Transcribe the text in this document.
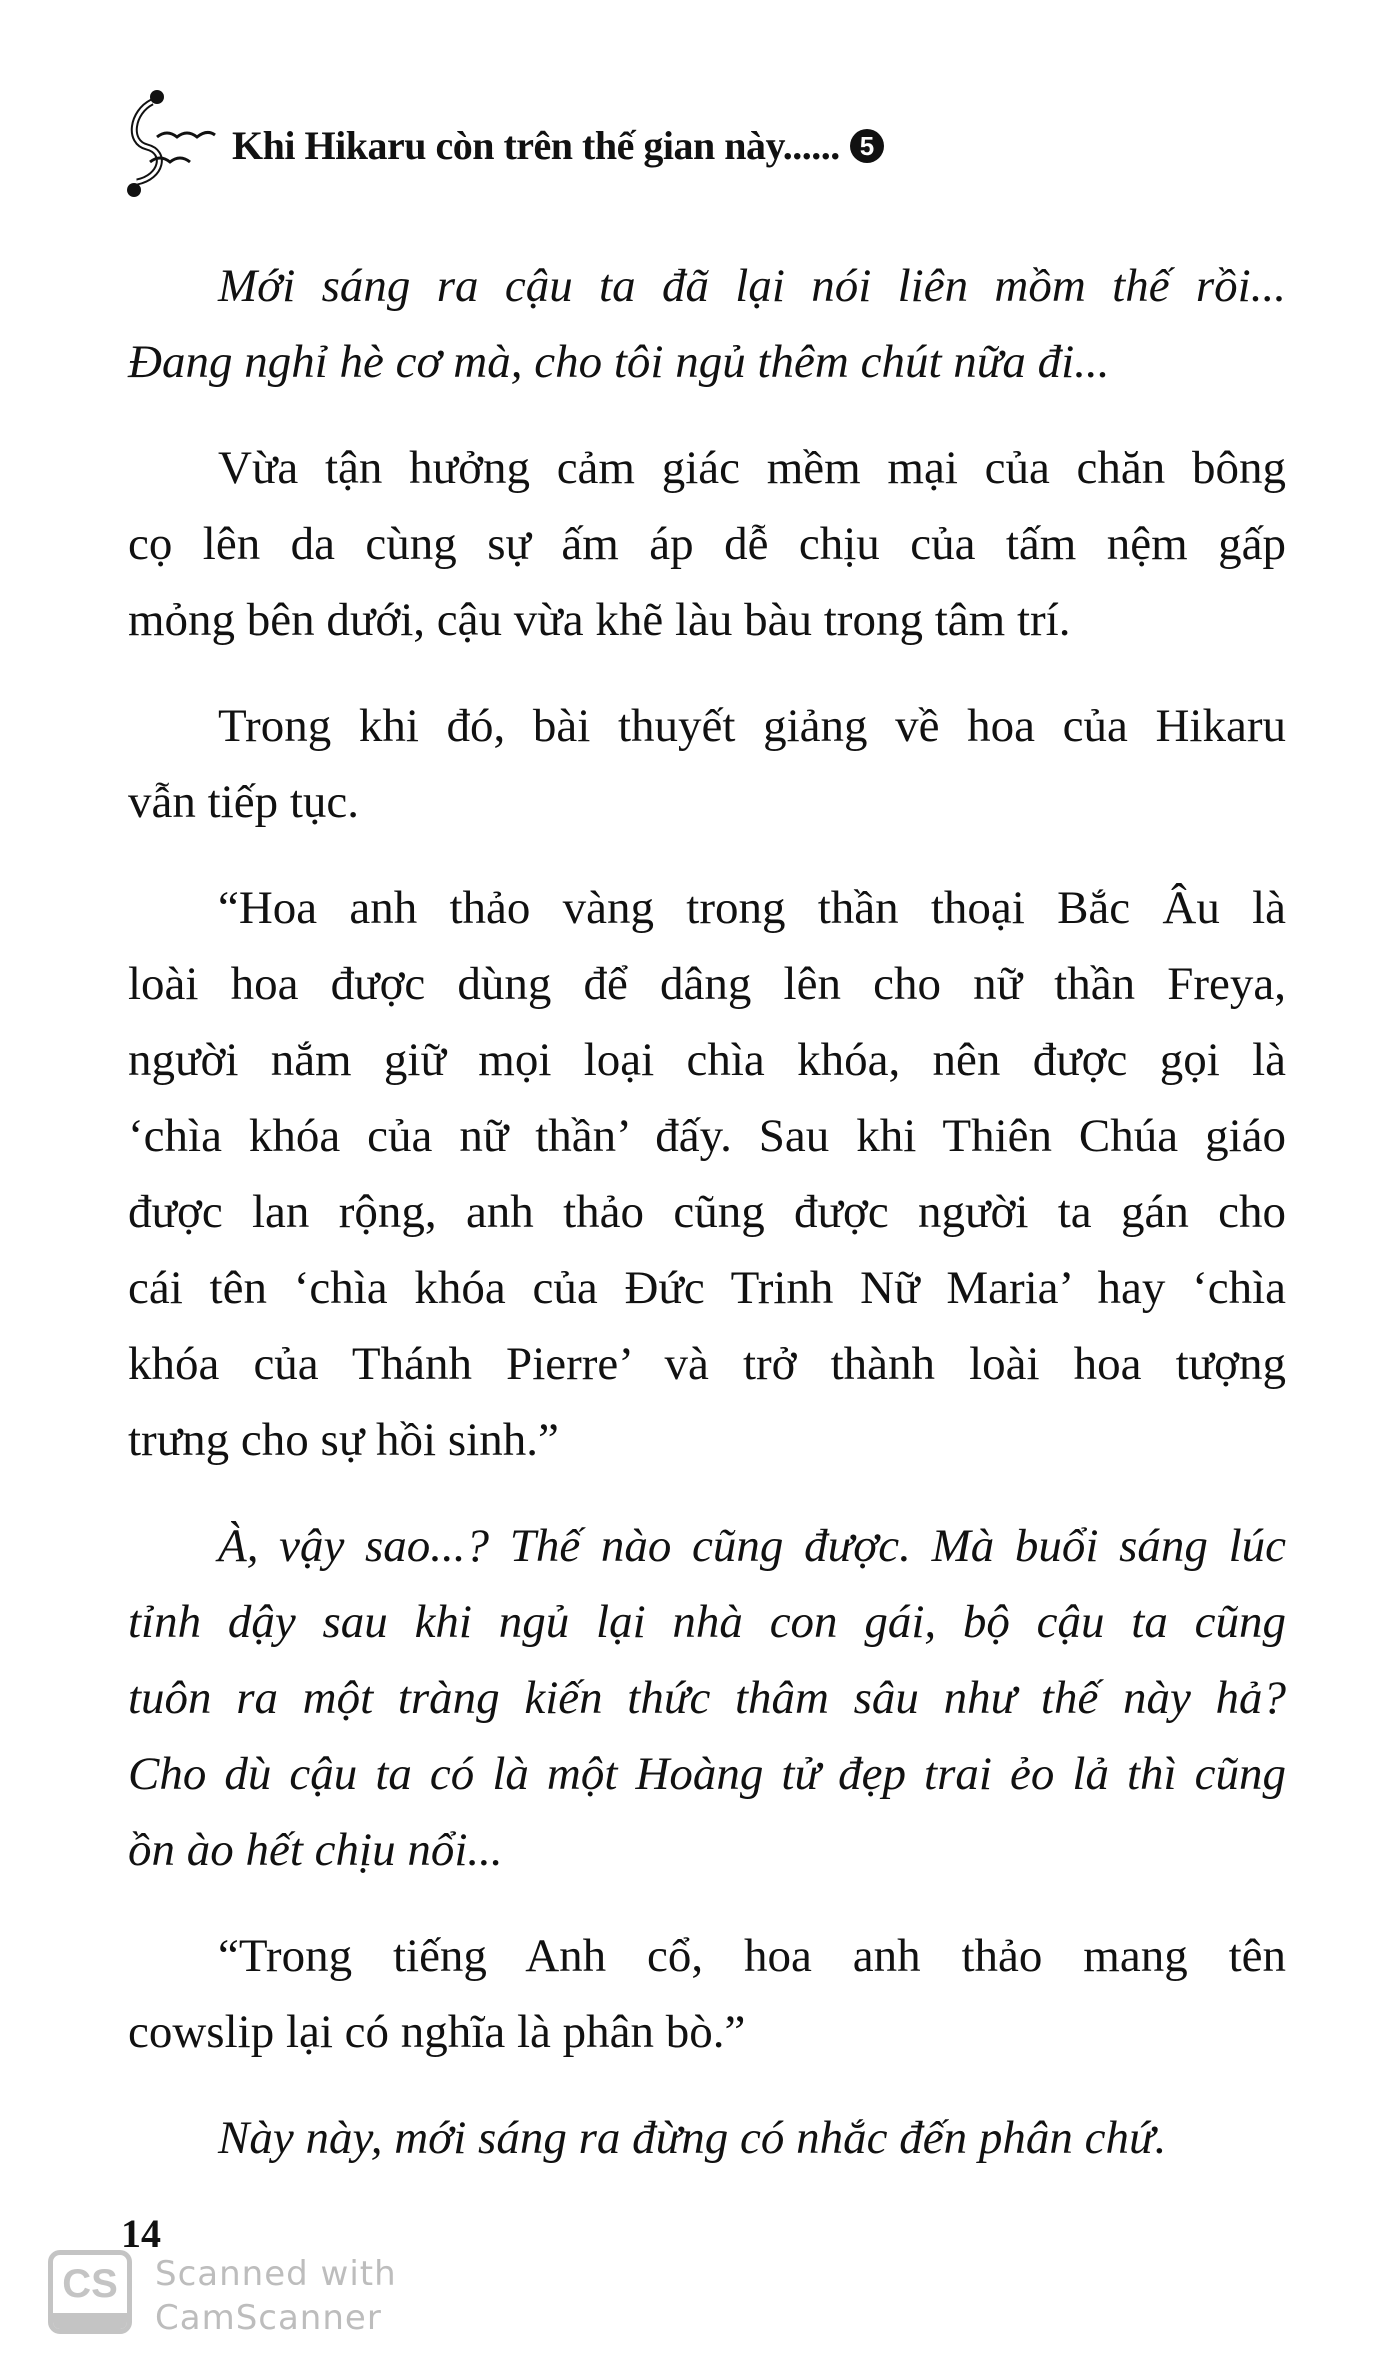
Khi Hikaru còn trên thế gian này...... 5
Mới sáng ra cậu ta đã lại nói liên mồm thế rồi...
Đang nghỉ hè cơ mà, cho tôi ngủ thêm chút nữa đi...
Vừa tận hưởng cảm giác mềm mại của chăn bông
cọ lên da cùng sự ấm áp dễ chịu của tấm nệm gấp
mỏng bên dưới, cậu vừa khẽ làu bàu trong tâm trí.
Trong khi đó, bài thuyết giảng về hoa của Hikaru
vẫn tiếp tục.
“Hoa anh thảo vàng trong thần thoại Bắc Âu là
loài hoa được dùng để dâng lên cho nữ thần Freya,
người nắm giữ mọi loại chìa khóa, nên được gọi là
‘chìa khóa của nữ thần’ đấy. Sau khi Thiên Chúa giáo
được lan rộng, anh thảo cũng được người ta gán cho
cái tên ‘chìa khóa của Đức Trinh Nữ Maria’ hay ‘chìa
khóa của Thánh Pierre’ và trở thành loài hoa tượng
trưng cho sự hồi sinh.”
À, vậy sao...? Thế nào cũng được. Mà buổi sáng lúc
tỉnh dậy sau khi ngủ lại nhà con gái, bộ cậu ta cũng
tuôn ra một tràng kiến thức thâm sâu như thế này hả?
Cho dù cậu ta có là một Hoàng tử đẹp trai ẻo lả thì cũng
ồn ào hết chịu nổi...
“Trong tiếng Anh cổ, hoa anh thảo mang tên
cowslip lại có nghĩa là phân bò.”
Này này, mới sáng ra đừng có nhắc đến phân chứ.
14
CS Scanned with
CamScanner
